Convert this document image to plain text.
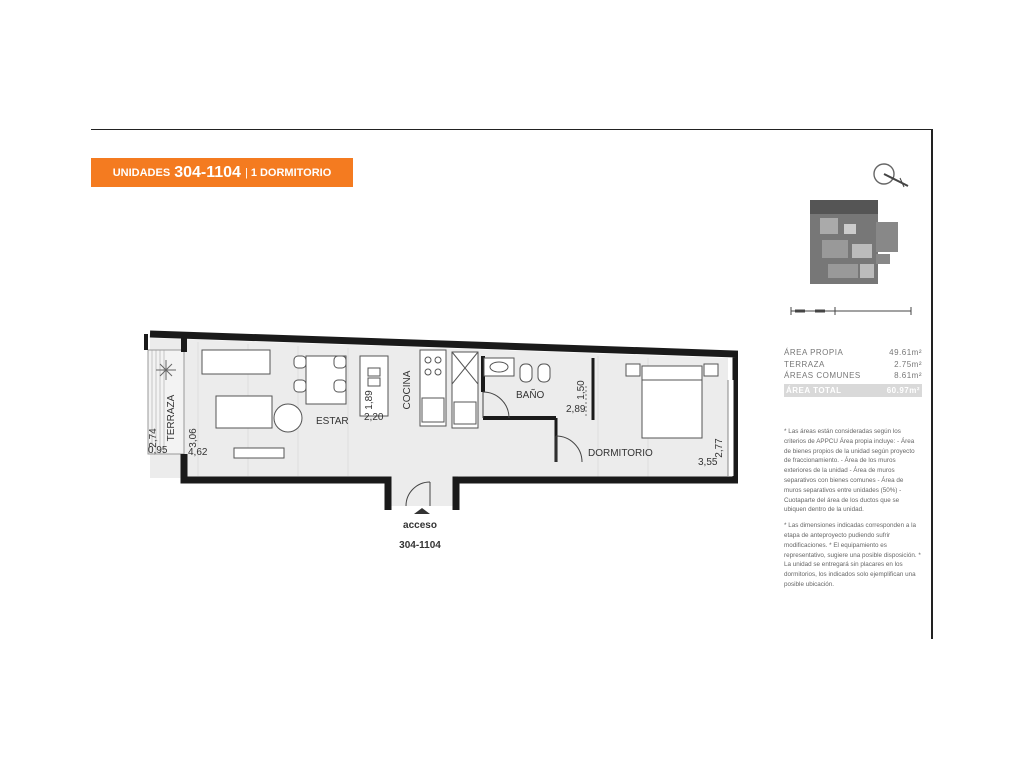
UNIDADES
304-1104 | 1 DORMITORIO
TERRAZA	ESTAR
COCINA	BAÑO
DORMITORIO
2,74
0,95
3,06
4,62
1,89
2,20
1,50
2,89
2,77
3,55
acceso
304-1104
ÁREA PROPIA	49.61m²
TERRAZA	2.75m²
ÁREAS COMUNES	8.61m²
ÁREA TOTAL	60.97m²

* Las áreas están consideradas según los criterios de APPCU Área propia incluye: - Área de bienes propios de la unidad según proyecto de fraccionamiento. - Área de los muros exteriores de la unidad - Área de muros separativos con bienes comunes - Área de muros separativos entre unidades (50%) - Cuotaparte del área de los ductos que se ubiquen dentro de la unidad.

* Las dimensiones indicadas corresponden a la etapa de anteproyecto pudiendo sufrir modificaciones. * El equipamiento es representativo, sugiere una posible disposición. * La unidad se entregará sin placares en los dormitorios, los indicados solo ejemplifican una posible ubicación.
